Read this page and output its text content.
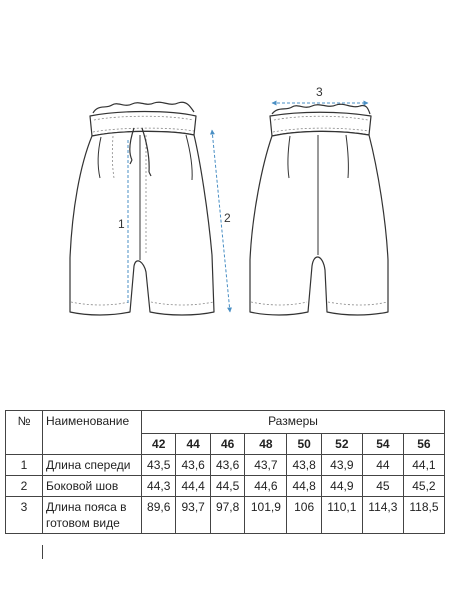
1	2
3
№	Наименование	Размеры							
		42	44	46	48	50	52	54	56
1	Длина спереди	43,5	43,6	43,6	43,7	43,8	43,9	44	44,1
2	Боковой шов	44,3	44,4	44,5	44,6	44,8	44,9	45	45,2
3	Длина пояса в готовом виде	89,6	93,7	97,8	101,9	106	110,1	114,3	118,5
